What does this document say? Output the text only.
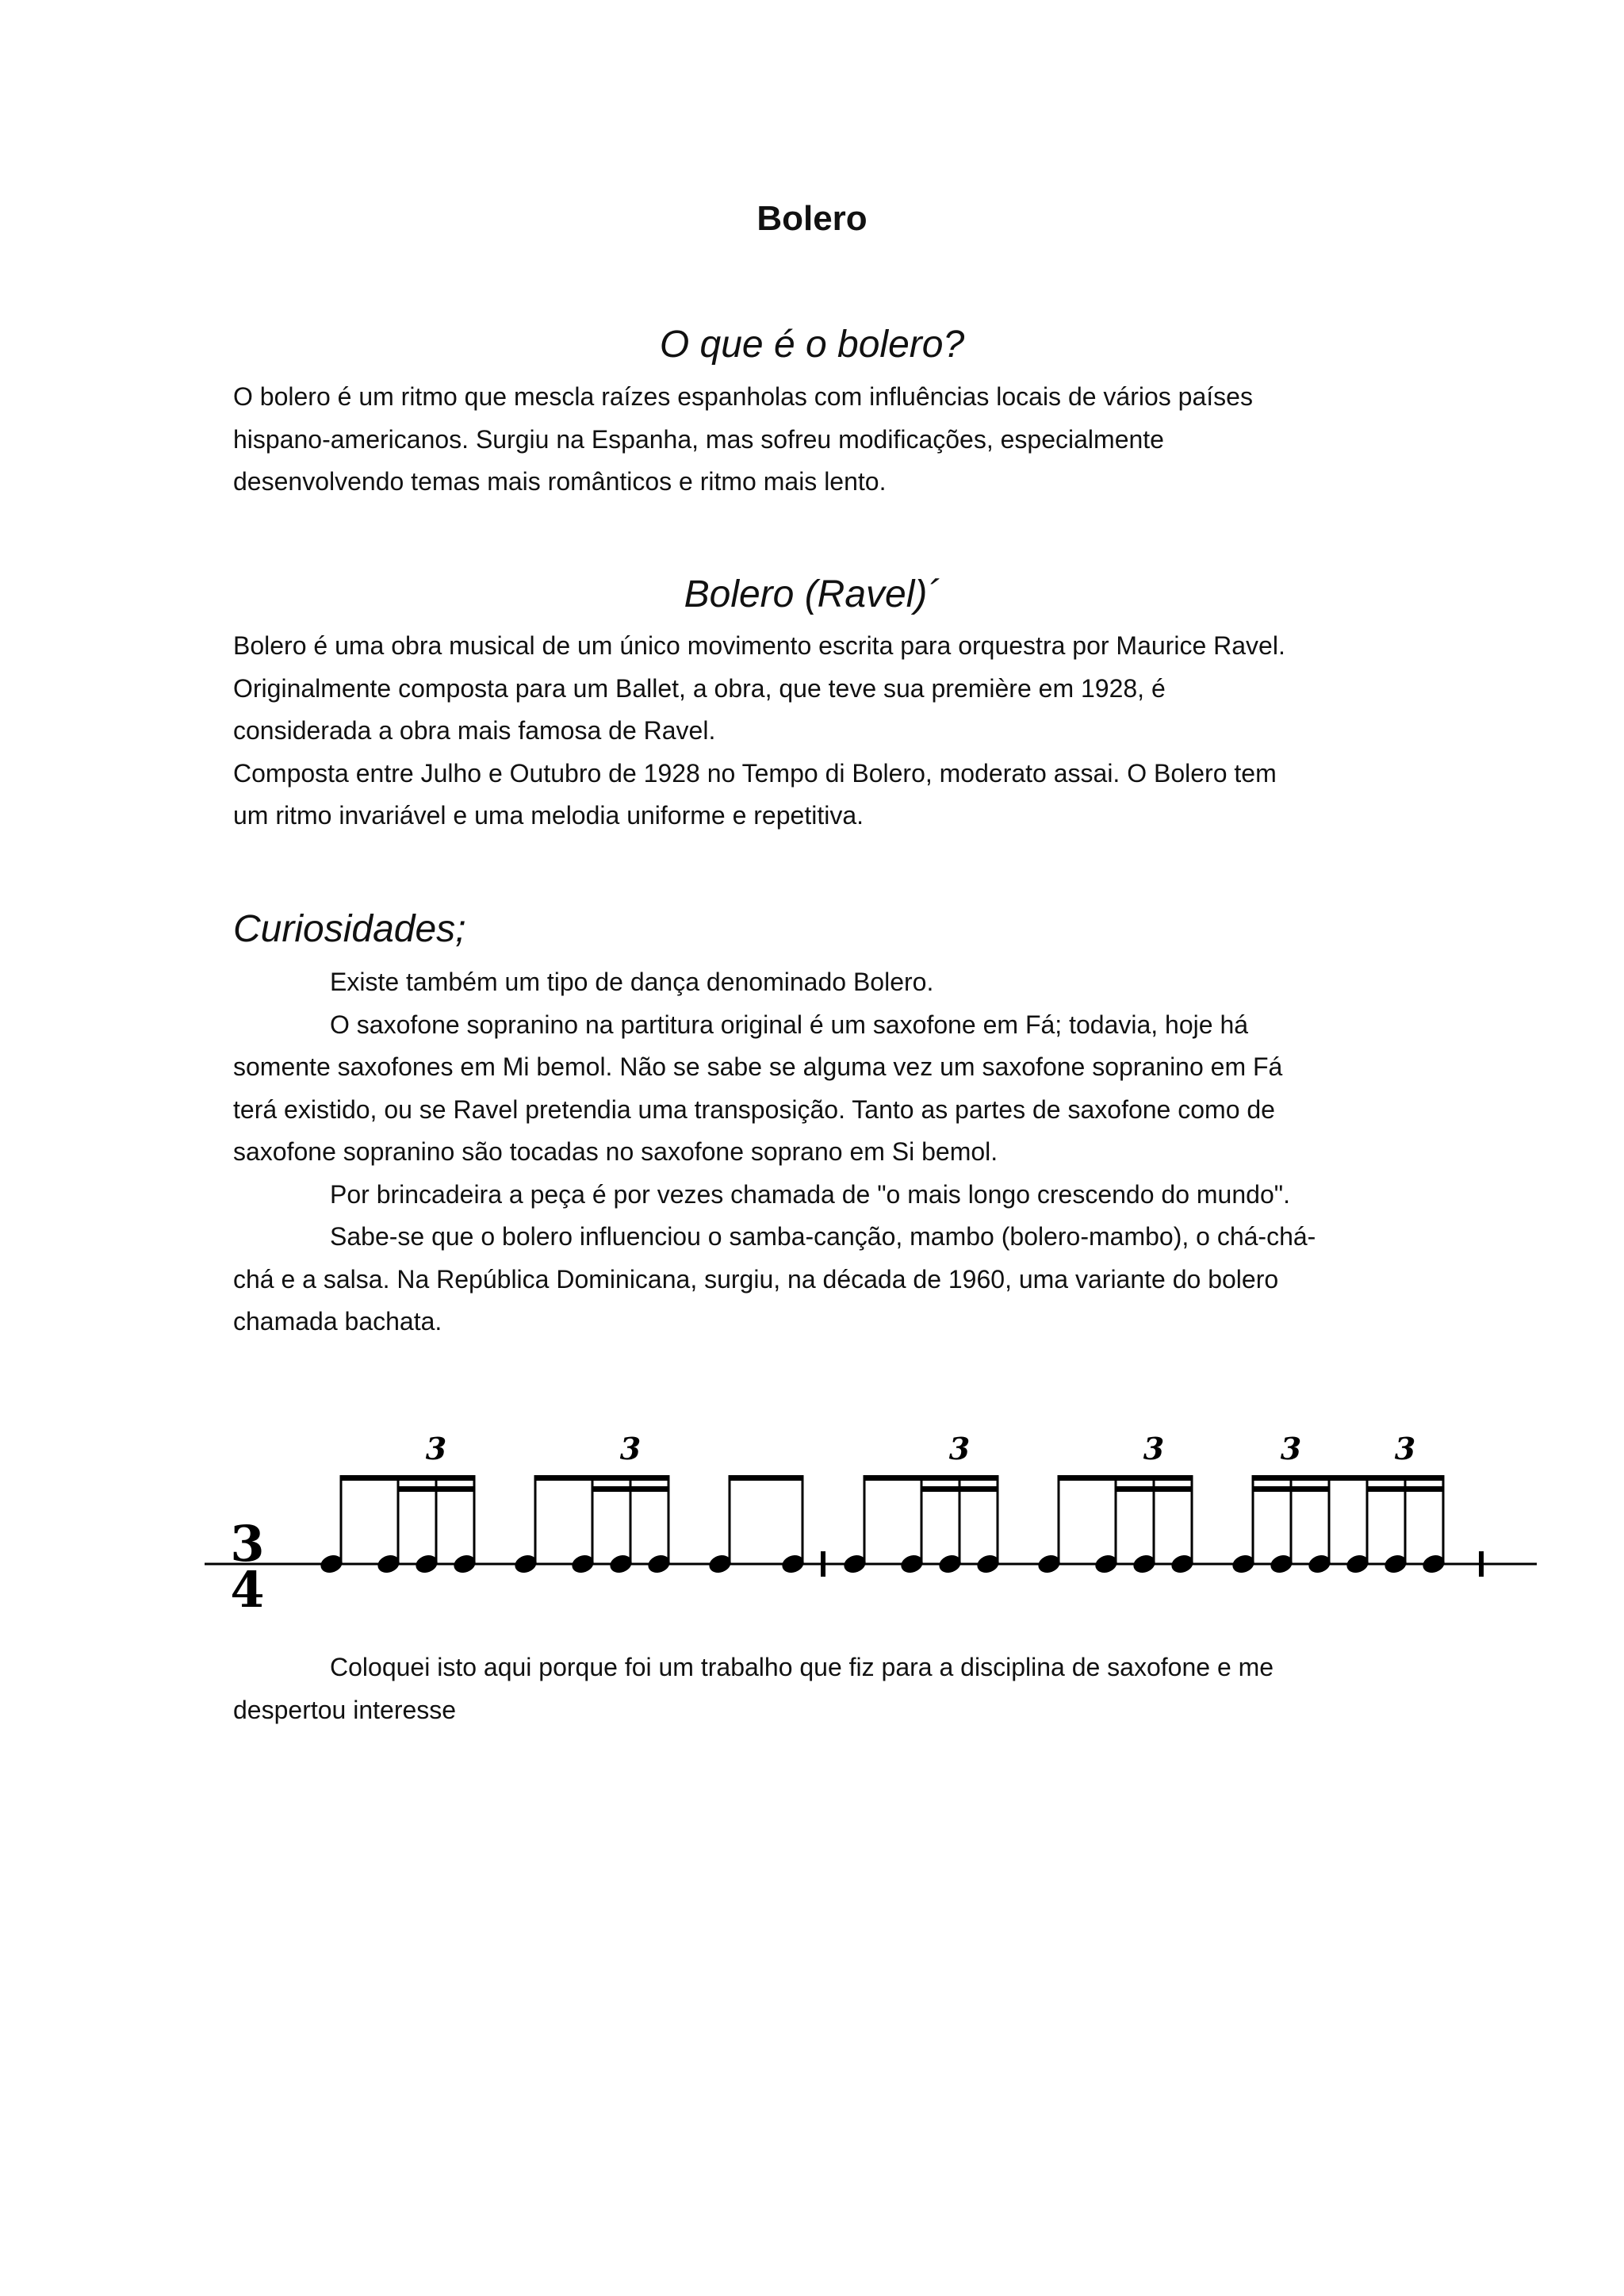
Bolero
O que é o bolero?
O bolero é um ritmo que mescla raízes espanholas com influências locais de vários países
hispano-americanos. Surgiu na Espanha, mas sofreu modificações, especialmente
desenvolvendo temas mais românticos e ritmo mais lento.
Bolero (Ravel)´
Bolero é uma obra musical de um único movimento escrita para orquestra por Maurice Ravel.
Originalmente composta para um Ballet, a obra, que teve sua première em 1928, é
considerada a obra mais famosa de Ravel.
Composta entre Julho e Outubro de 1928 no Tempo di Bolero, moderato assai. O Bolero tem
um ritmo invariável e uma melodia uniforme e repetitiva.
Curiosidades;
Existe também um tipo de dança denominado Bolero.
O saxofone sopranino na partitura original é um saxofone em Fá; todavia, hoje há
somente saxofones em Mi bemol. Não se sabe se alguma vez um saxofone sopranino em Fá
terá existido, ou se Ravel pretendia uma transposição. Tanto as partes de saxofone como de
saxofone sopranino são tocadas no saxofone soprano em Si bemol.
Por brincadeira a peça é por vezes chamada de "o mais longo crescendo do mundo".
Sabe-se que o bolero influenciou o samba-canção, mambo (bolero-mambo), o chá-chá-
chá e a salsa. Na República Dominicana, surgiu, na década de 1960, uma variante do bolero
chamada bachata.
3
4
3	3	3	3	3	3
Coloquei isto aqui porque foi um trabalho que fiz para a disciplina de saxofone e me
despertou interesse
